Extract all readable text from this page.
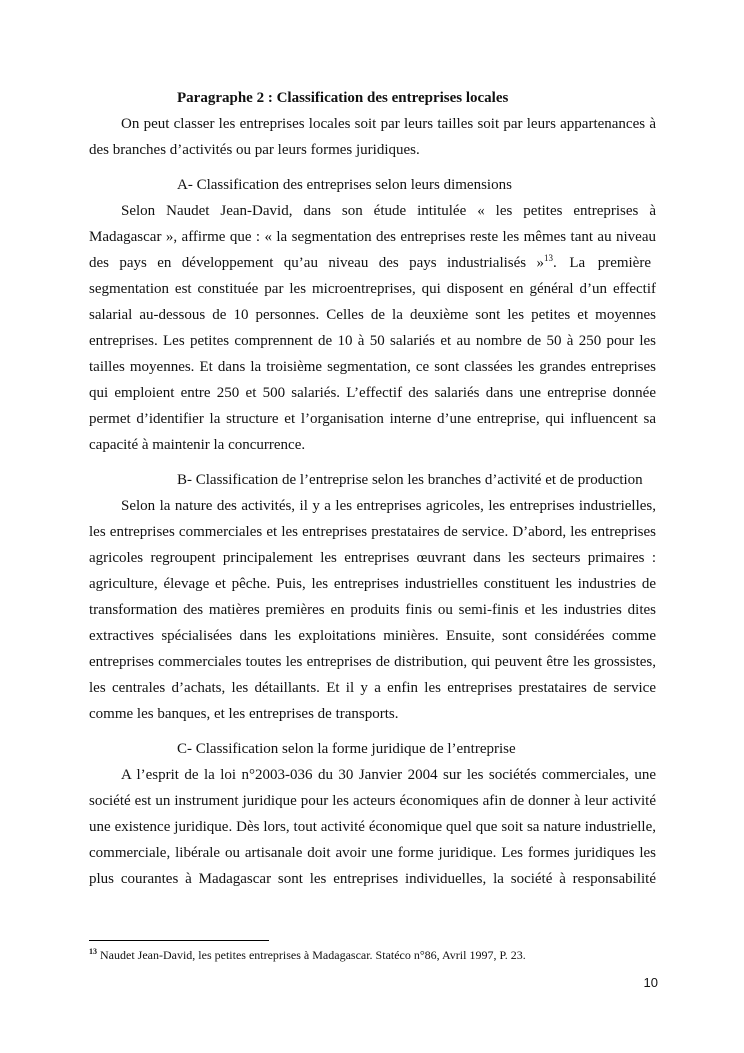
Paragraphe 2 : Classification des entreprises locales
On peut classer les entreprises locales soit par leurs tailles soit par leurs appartenances à
des branches d’activités ou par leurs formes juridiques.
A- Classification des entreprises selon leurs dimensions
Selon Naudet Jean-David, dans son étude intitulée « les petites entreprises à
Madagascar », affirme que : « la segmentation des entreprises reste les mêmes tant au niveau
des pays en développement qu’au niveau des pays industrialisés »$^{13}$. La première
segmentation est constituée par les microentreprises, qui disposent en général d’un effectif
salarial au-dessous de 10 personnes. Celles de la deuxième sont les petites et moyennes
entreprises. Les petites comprennent de 10 à 50 salariés et au nombre de 50 à 250 pour les
tailles moyennes. Et dans la troisième segmentation, ce sont classées les grandes entreprises
qui emploient entre 250 et 500 salariés. L’effectif des salariés dans une entreprise donnée
permet d’identifier la structure et l’organisation interne d’une entreprise, qui influencent sa
capacité à maintenir la concurrence.
B- Classification de l’entreprise selon les branches d’activité et de production
Selon la nature des activités, il y a les entreprises agricoles, les entreprises industrielles,
les entreprises commerciales et les entreprises prestataires de service. D’abord, les entreprises
agricoles regroupent principalement les entreprises œuvrant dans les secteurs primaires :
agriculture, élevage et pêche. Puis, les entreprises industrielles constituent les industries de
transformation des matières premières en produits finis ou semi-finis et les industries dites
extractives spécialisées dans les exploitations minières. Ensuite, sont considérées comme
entreprises commerciales toutes les entreprises de distribution, qui peuvent être les grossistes,
les centrales d’achats, les détaillants. Et il y a enfin les entreprises prestataires de service
comme les banques, et les entreprises de transports.
C- Classification selon la forme juridique de l’entreprise
A l’esprit de la loi n°2003-036 du 30 Janvier 2004 sur les sociétés commerciales, une
société est un instrument juridique pour les acteurs économiques afin de donner à leur activité
une existence juridique. Dès lors, tout activité économique quel que soit sa nature industrielle,
commerciale, libérale ou artisanale doit avoir une forme juridique. Les formes juridiques les
plus courantes à Madagascar sont les entreprises individuelles, la société à responsabilité
$^{13}$ Naudet Jean-David, les petites entreprises à Madagascar. Statéco n°86, Avril 1997, P. 23.
10
